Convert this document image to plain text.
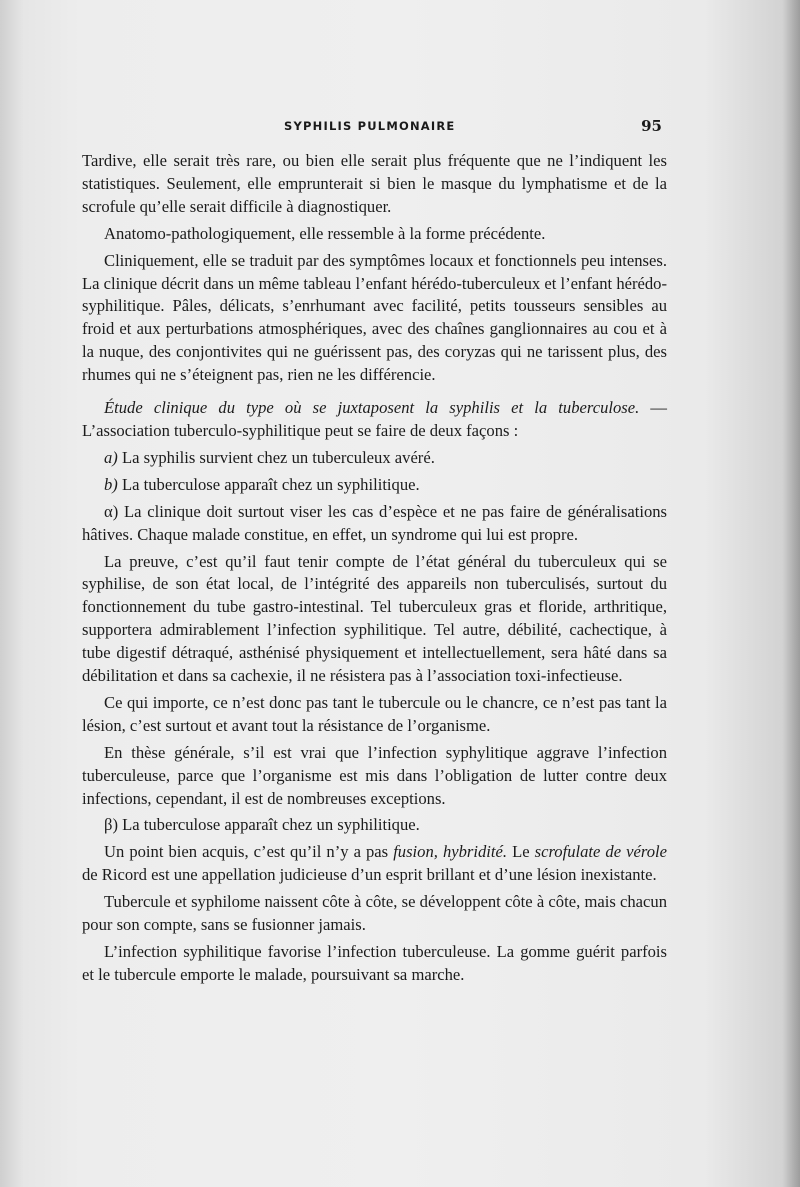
SYPHILIS PULMONAIRE	95

Tardive, elle serait très rare, ou bien elle serait plus fréquente que ne l’indiquent les statistiques. Seulement, elle emprunterait si bien le masque du lymphatisme et de la scrofule qu’elle serait difficile à diagnostiquer.

Anatomo-pathologiquement, elle ressemble à la forme précédente.

Cliniquement, elle se traduit par des symptômes locaux et fonctionnels peu intenses. La clinique décrit dans un même tableau l’enfant hérédo-tuberculeux et l’enfant hérédo-syphilitique. Pâles, délicats, s’enrhumant avec facilité, petits tousseurs sensibles au froid et aux perturbations atmosphériques, avec des chaînes ganglionnaires au cou et à la nuque, des conjontivites qui ne guérissent pas, des coryzas qui ne tarissent plus, des rhumes qui ne s’éteignent pas, rien ne les différencie.

Étude clinique du type où se juxtaposent la syphilis et la tuberculose. — L’association tuberculo-syphilitique peut se faire de deux façons :

a) La syphilis survient chez un tuberculeux avéré.

b) La tuberculose apparaît chez un syphilitique.

α) La clinique doit surtout viser les cas d’espèce et ne pas faire de généralisations hâtives. Chaque malade constitue, en effet, un syndrome qui lui est propre.

La preuve, c’est qu’il faut tenir compte de l’état général du tuberculeux qui se syphilise, de son état local, de l’intégrité des appareils non tuberculisés, surtout du fonctionnement du tube gastro-intestinal. Tel tuberculeux gras et floride, arthritique, supportera admirablement l’infection syphilitique. Tel autre, débilité, cachectique, à tube digestif détraqué, asthénisé physiquement et intellectuellement, sera hâté dans sa débilitation et dans sa cachexie, il ne résistera pas à l’association toxi-infectieuse.

Ce qui importe, ce n’est donc pas tant le tubercule ou le chancre, ce n’est pas tant la lésion, c’est surtout et avant tout la résistance de l’organisme.

En thèse générale, s’il est vrai que l’infection syphylitique aggrave l’infection tuberculeuse, parce que l’organisme est mis dans l’obligation de lutter contre deux infections, cependant, il est de nombreuses exceptions.

β) La tuberculose apparaît chez un syphilitique.

Un point bien acquis, c’est qu’il n’y a pas fusion, hybridité. Le scrofulate de vérole de Ricord est une appellation judicieuse d’un esprit brillant et d’une lésion inexistante.

Tubercule et syphilome naissent côte à côte, se développent côte à côte, mais chacun pour son compte, sans se fusionner jamais.

L’infection syphilitique favorise l’infection tuberculeuse. La gomme guérit parfois et le tubercule emporte le malade, poursuivant sa marche.
